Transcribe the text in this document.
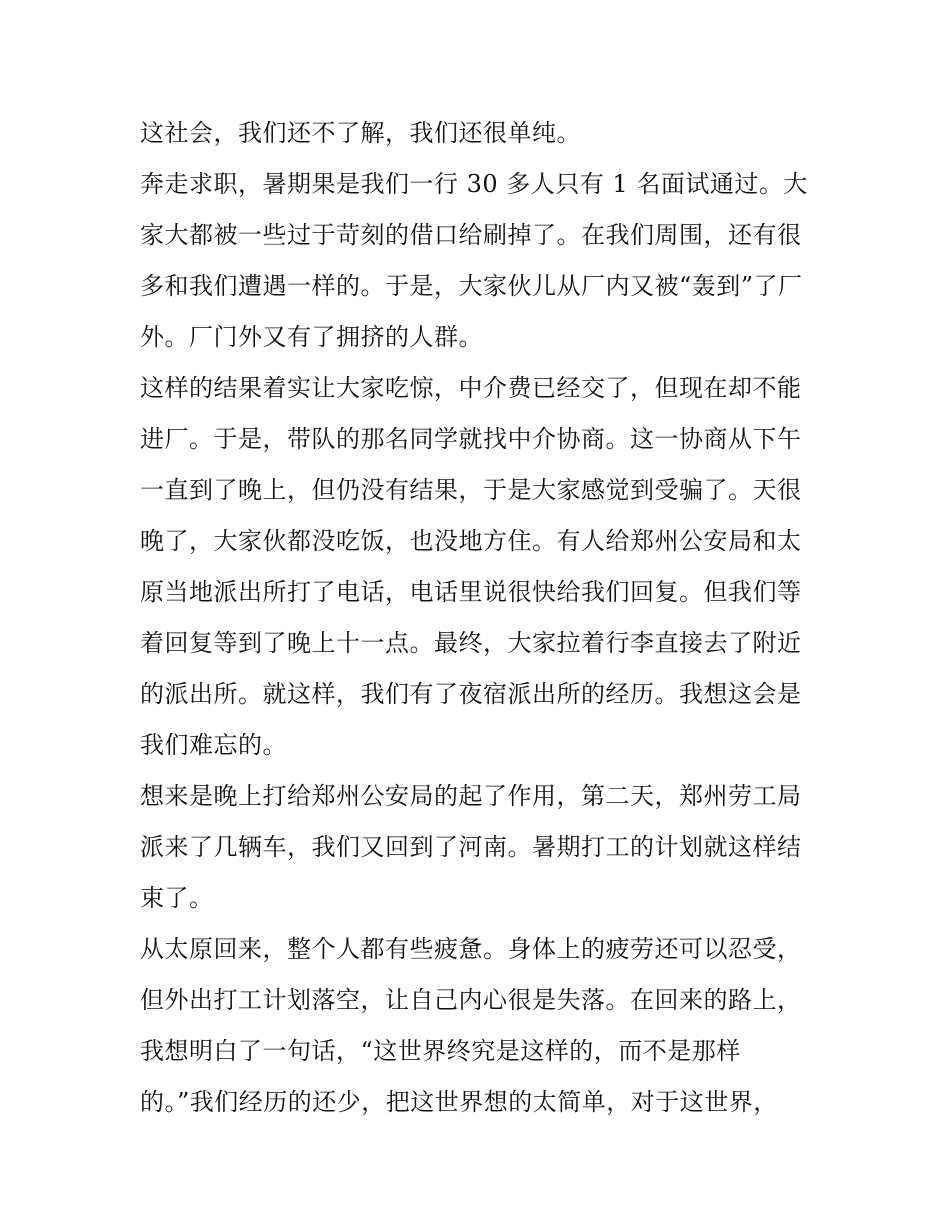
这社会，我们还不了解，我们还很单纯。
奔走求职，暑期果是我们一行 30 多人只有 1 名面试通过。大
家大都被一些过于苛刻的借口给刷掉了。在我们周围，还有很
多和我们遭遇一样的。于是，大家伙儿从厂内又被“轰到”了厂
外。厂门外又有了拥挤的人群。
这样的结果着实让大家吃惊，中介费已经交了，但现在却不能
进厂。于是，带队的那名同学就找中介协商。这一协商从下午
一直到了晚上，但仍没有结果，于是大家感觉到受骗了。天很
晚了，大家伙都没吃饭，也没地方住。有人给郑州公安局和太
原当地派出所打了电话，电话里说很快给我们回复。但我们等
着回复等到了晚上十一点。最终，大家拉着行李直接去了附近
的派出所。就这样，我们有了夜宿派出所的经历。我想这会是
我们难忘的。
想来是晚上打给郑州公安局的起了作用，第二天，郑州劳工局
派来了几辆车，我们又回到了河南。暑期打工的计划就这样结
束了。
从太原回来，整个人都有些疲惫。身体上的疲劳还可以忍受，
但外出打工计划落空，让自己内心很是失落。在回来的路上，
我想明白了一句话，“这世界终究是这样的，而不是那样
的。”我们经历的还少，把这世界想的太简单，对于这世界，
